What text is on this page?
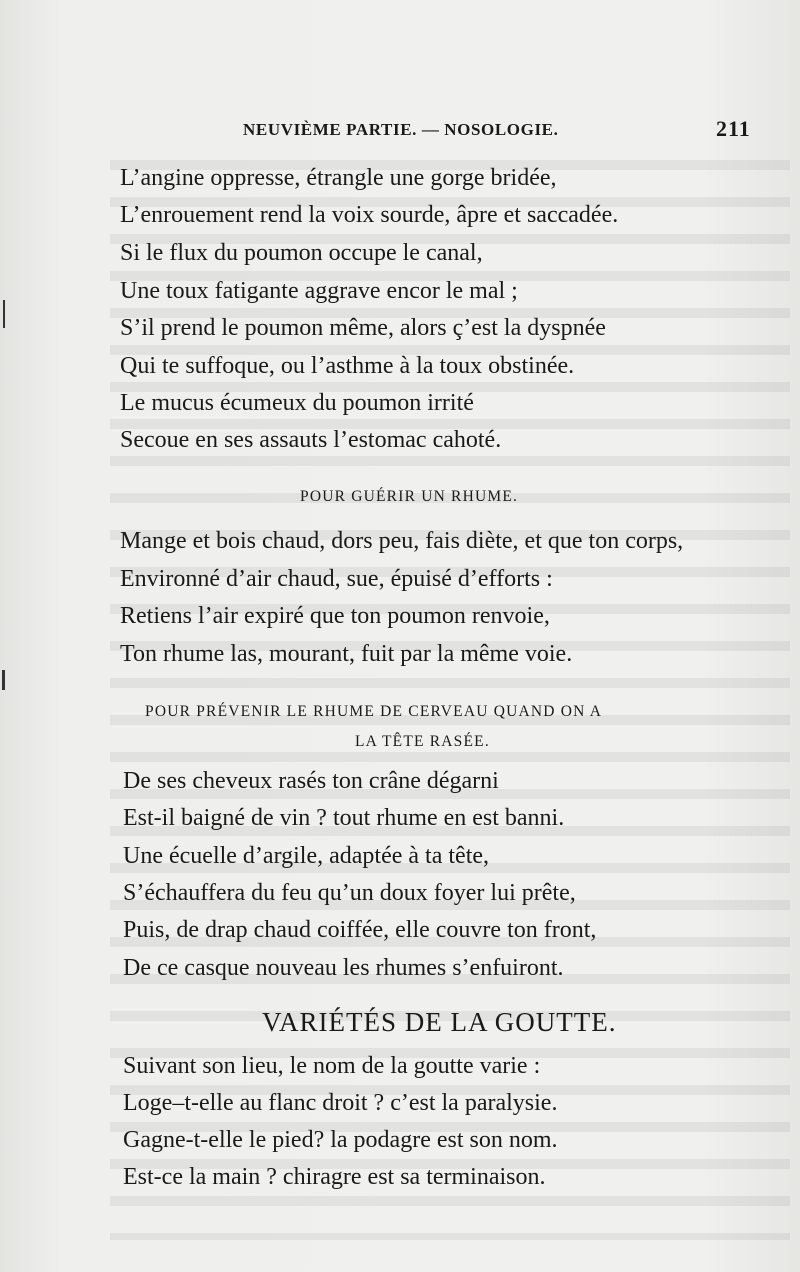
NEUVIÈME PARTIE. — NOSOLOGIE.	211
L’angine oppresse, étrangle une gorge bridée,
L’enrouement rend la voix sourde, âpre et saccadée.
Si le flux du poumon occupe le canal,
Une toux fatigante aggrave encor le mal ;
S’il prend le poumon même, alors ç’est la dyspnée
Qui te suffoque, ou l’asthme à la toux obstinée.
Le mucus écumeux du poumon irrité
Secoue en ses assauts l’estomac cahoté.
POUR GUÉRIR UN RHUME.
Mange et bois chaud, dors peu, fais diète, et que ton corps,
Environné d’air chaud, sue, épuisé d’efforts :
Retiens l’air expiré que ton poumon renvoie,
Ton rhume las, mourant, fuit par la même voie.
POUR PRÉVENIR LE RHUME DE CERVEAU QUAND ON A
LA TÊTE RASÉE.
De ses cheveux rasés ton crâne dégarni
Est-il baigné de vin ? tout rhume en est banni.
Une écuelle d’argile, adaptée à ta tête,
S’échauffera du feu qu’un doux foyer lui prête,
Puis, de drap chaud coiffée, elle couvre ton front,
De ce casque nouveau les rhumes s’enfuiront.
VARIÉTÉS DE LA GOUTTE.
Suivant son lieu, le nom de la goutte varie :
Loge–t-elle au flanc droit ? c’est la paralysie.
Gagne-t-elle le pied? la podagre est son nom.
Est-ce la main ? chiragre est sa terminaison.
